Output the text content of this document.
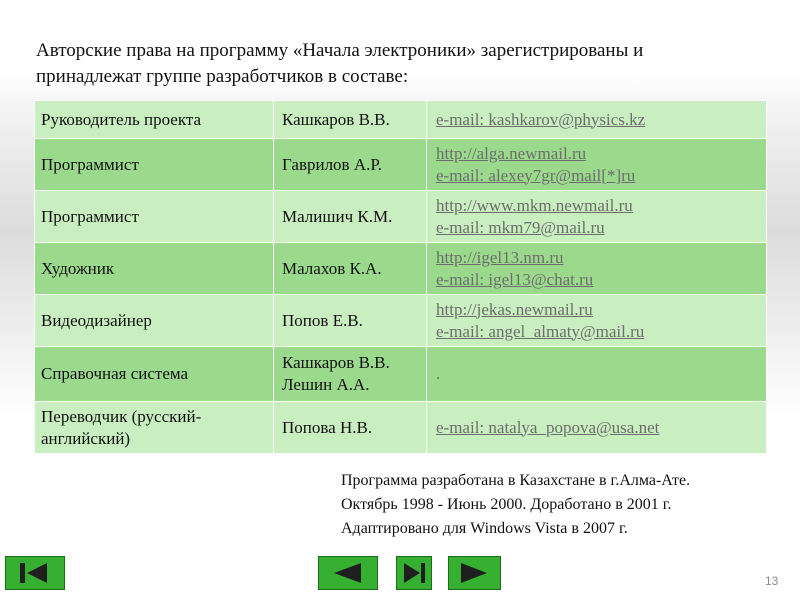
Авторские права на программу «Начала электроники» зарегистрированы и
принадлежат группе разработчиков в составе:
Руководитель проекта	Кашкаров В.В.	e-mail: kashkarov@physics.kz

Программист	Гаврилов А.Р.	http://alga.newmail.ru
e-mail: alexey7gr@mail[*]ru

Программист	Малишич К.М.	http://www.mkm.newmail.ru
e-mail: mkm79@mail.ru

Художник	Малахов К.А.	http://igel13.nm.ru
e-mail: igel13@chat.ru

Видеодизайнер	Попов Е.В.	http://jekas.newmail.ru
e-mail: angel_almaty@mail.ru

Справочная система	Кашкаров В.В.
Лешин А.А.	.

Переводчик (русский-
английский)	Попова Н.В.	e-mail: natalya_popova@usa.net
Программа разработана в Казахстане в г.Алма-Ате.
Октябрь 1998 - Июнь 2000. Доработано в 2001 г.
Адаптировано для Windows Vista в 2007 г.
13
